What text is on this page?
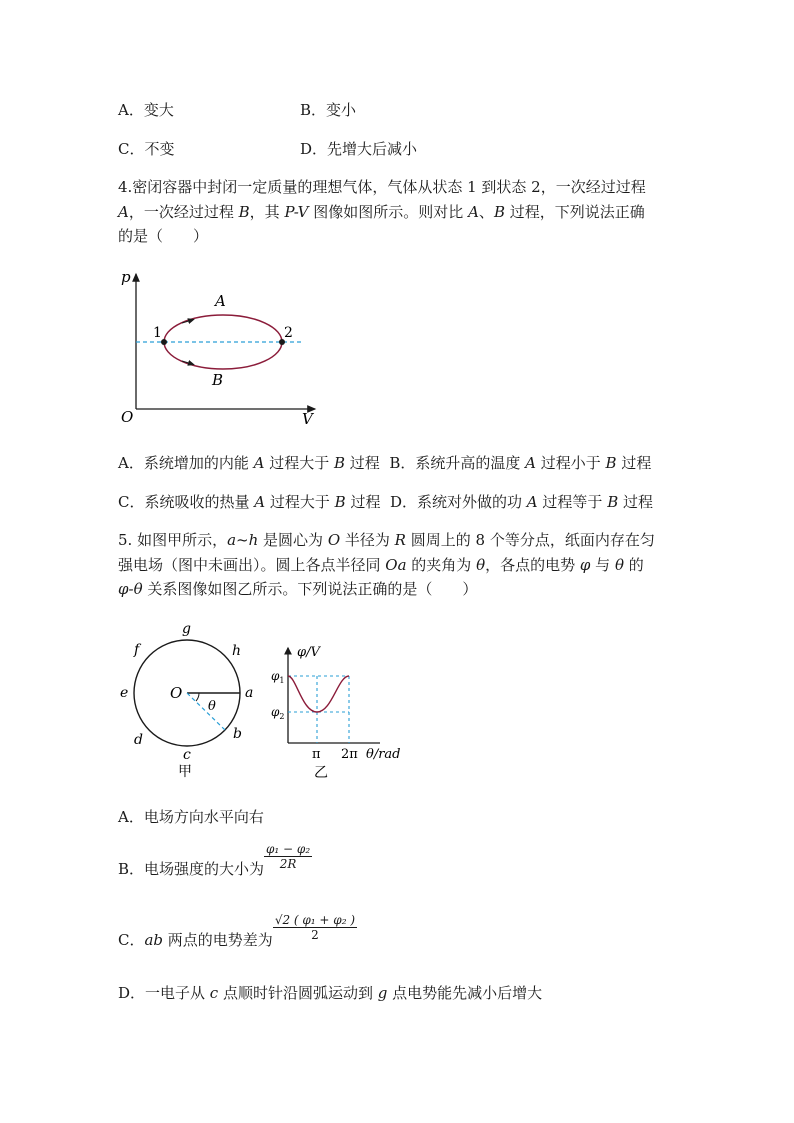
A．变大	B．变小
C．不变	D．先增大后减小
4.密闭容器中封闭一定质量的理想气体，气体从状态 1 到状态 2，一次经过过程
A，一次经过过程 B，其 P-V 图像如图所示。则对比 A、B 过程，下列说法正确
的是（　　）
p
V
O
1	2
A
B
A．系统增加的内能 A 过程大于 B 过程 B．系统升高的温度 A 过程小于 B 过程
C．系统吸收的热量 A 过程大于 B 过程 D．系统对外做的功 A 过程等于 B 过程
5. 如图甲所示，a~h 是圆心为 O 半径为 R 圆周上的 8 个等分点，纸面内存在匀
强电场（图中未画出）。圆上各点半径同 Oa 的夹角为 θ，各点的电势 φ 与 θ 的
φ-θ 关系图像如图乙所示。下列说法正确的是（　　）
O
θ
a
b
c
d
e
f
g
h
甲
φ/V
$\varphi_1$
$\varphi_2$
π 2π θ/rad
乙
A．电场方向水平向右
B．电场强度的大小为 $\frac{\text{φ₁ − φ₂}}{2R}$
C．ab 两点的电势差为 $\frac{\text{√2 ( φ₁ + φ₂ )}}{2}$
D．一电子从 c 点顺时针沿圆弧运动到 g 点电势能先减小后增大
